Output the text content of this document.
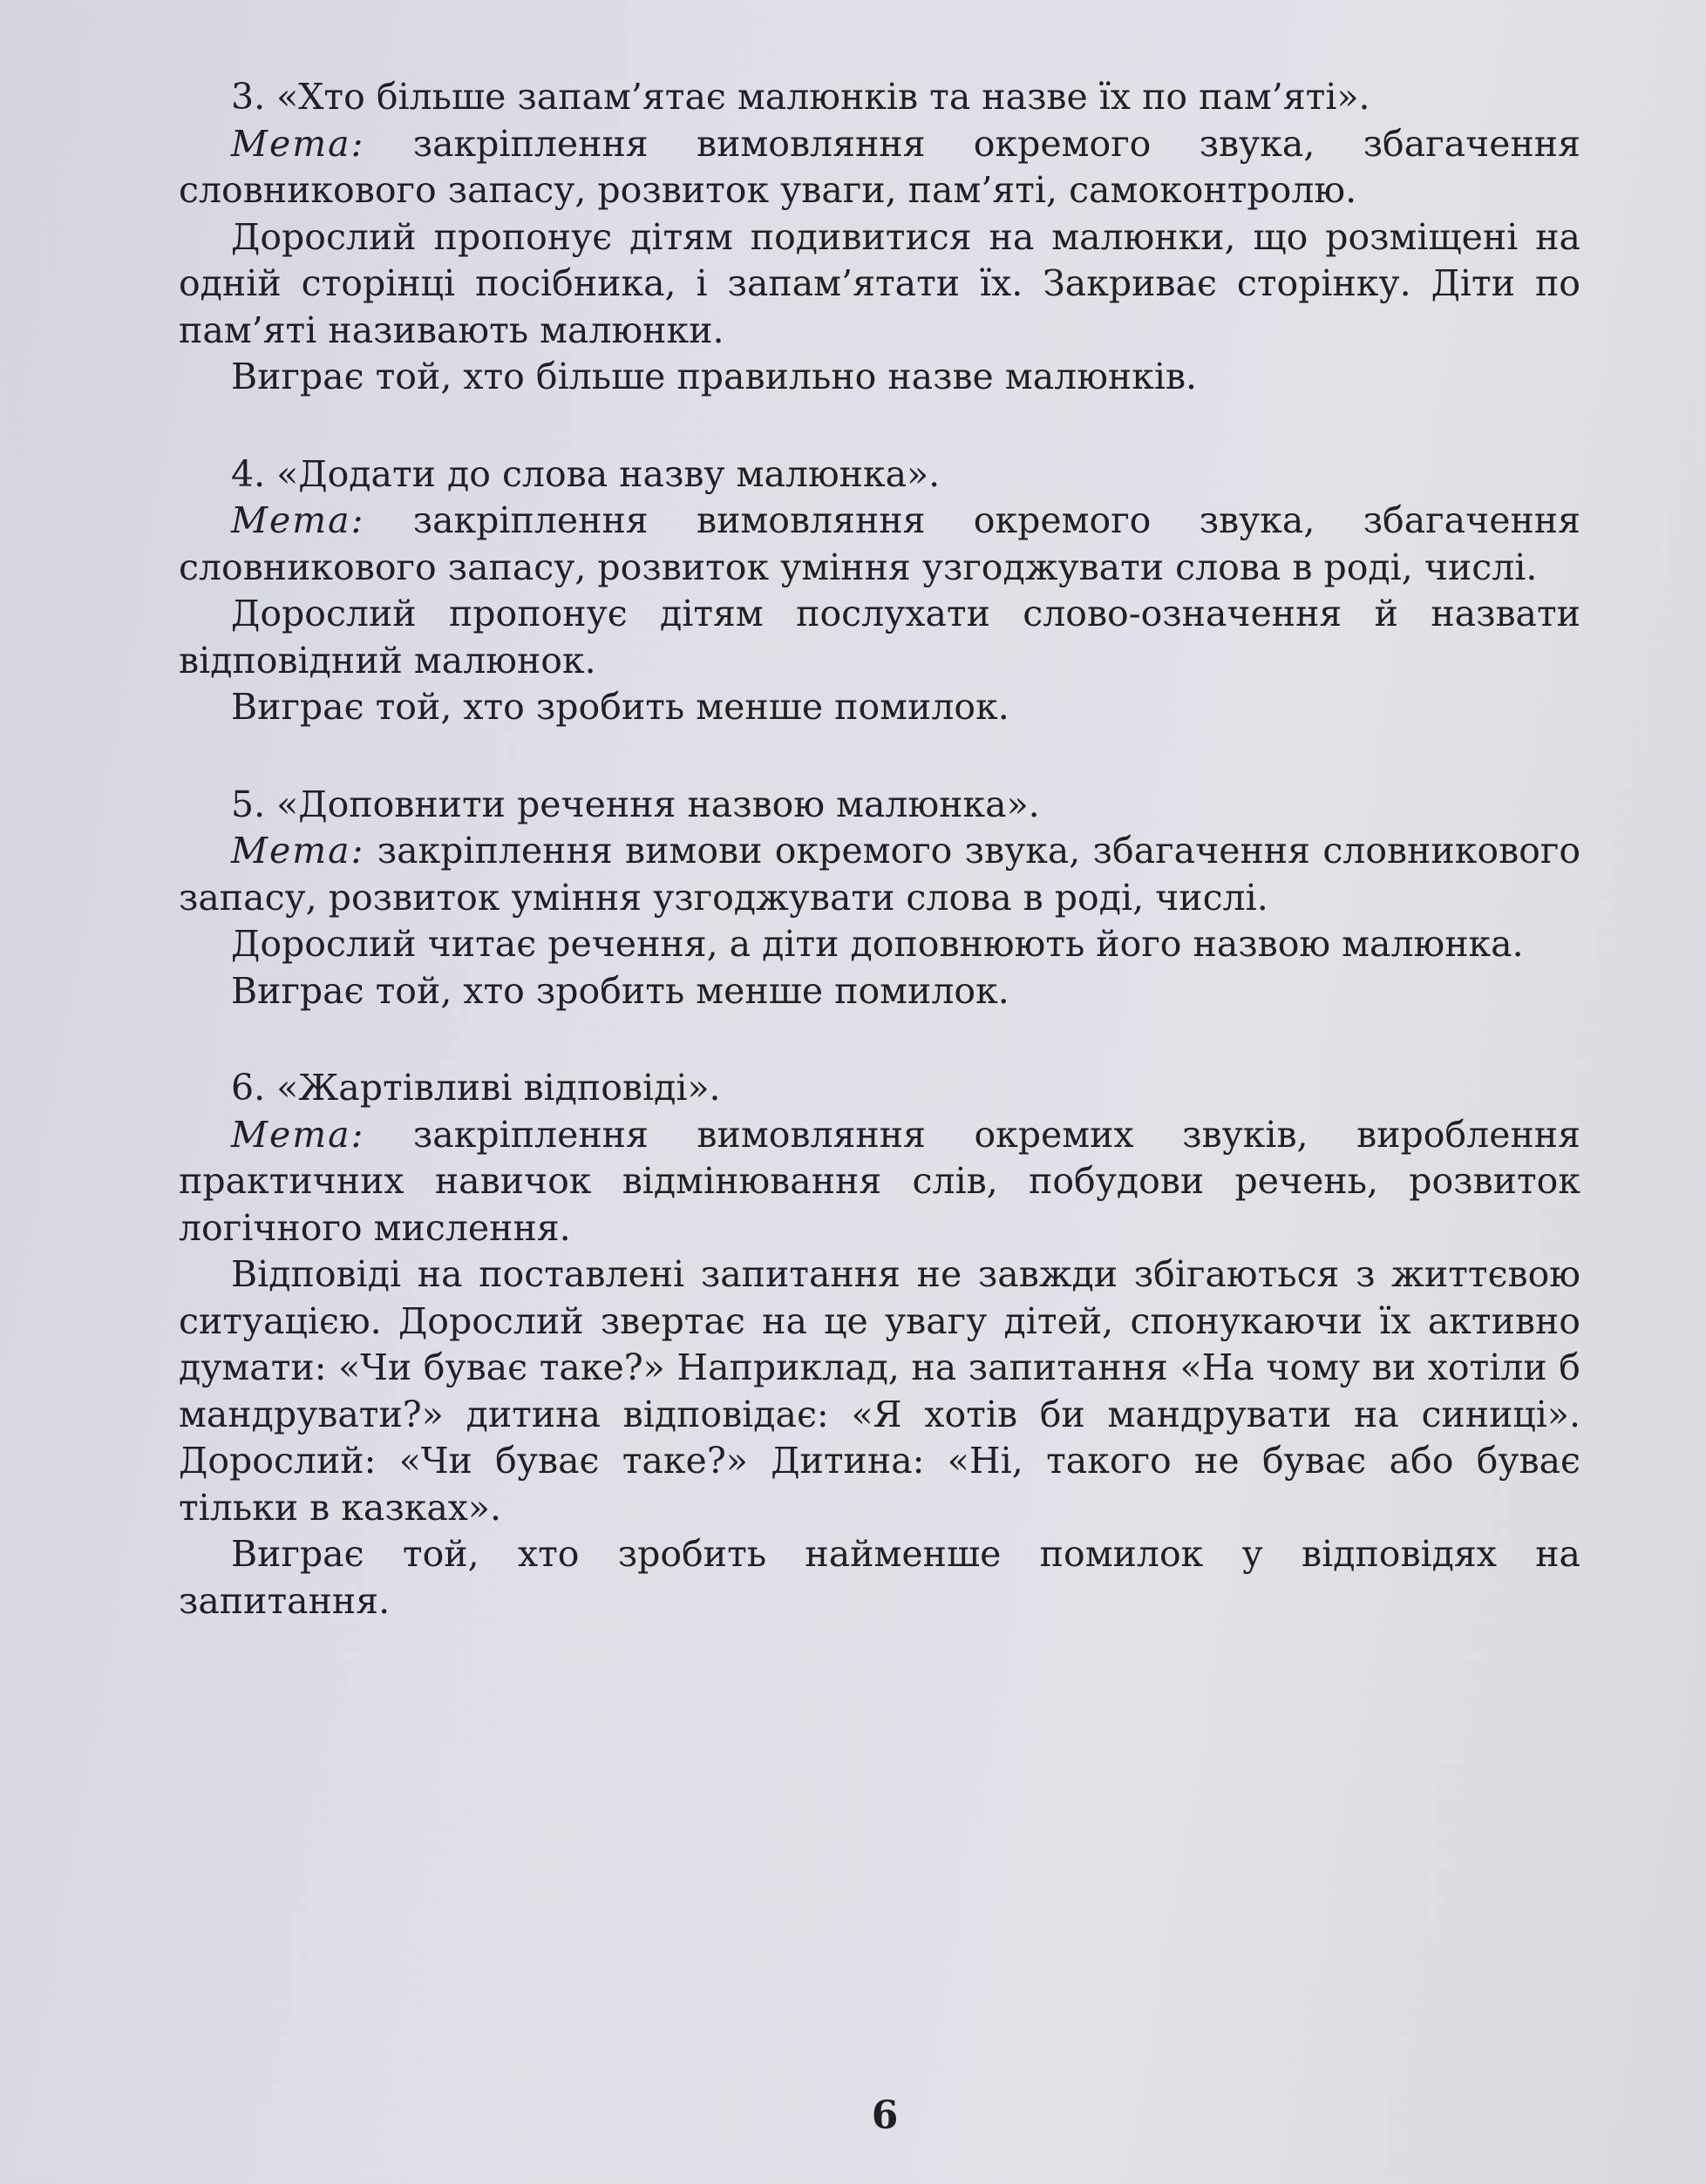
3. «Хто більше запам’ятає малюнків та назве їх по пам’яті».

Мета: закріплення вимовляння окремого звука, збагачення словникового запасу, розвиток уваги, пам’яті, самоконтролю.

Дорослий пропонує дітям подивитися на малюнки, що розміщені на одній сторінці посібника, і запам’ятати їх. Закриває сторінку. Діти по пам’яті називають малюнки.

Виграє той, хто більше правильно назве малюнків.

4. «Додати до слова назву малюнка».

Мета: закріплення вимовляння окремого звука, збагачення словникового запасу, розвиток уміння узгоджувати слова в роді, числі.

Дорослий пропонує дітям послухати слово-означення й назвати відповідний малюнок.

Виграє той, хто зробить менше помилок.

5. «Доповнити речення назвою малюнка».

Мета: закріплення вимови окремого звука, збагачення словникового запасу, розвиток уміння узгоджувати слова в роді, числі.

Дорослий читає речення, а діти доповнюють його назвою малюнка.

Виграє той, хто зробить менше помилок.

6. «Жартівливі відповіді».

Мета: закріплення вимовляння окремих звуків, вироблення практичних навичок відмінювання слів, побудови речень, розвиток логічного мислення.

Відповіді на поставлені запитання не завжди збігаються з життєвою ситуацією. Дорослий звертає на це увагу дітей, спонукаючи їх активно думати: «Чи буває таке?» Наприклад, на запитання «На чому ви хотіли б мандрувати?» дитина відповідає: «Я хотів би мандрувати на синиці». Дорослий: «Чи буває таке?» Дитина: «Ні, такого не буває або буває тільки в казках».

Виграє той, хто зробить найменше помилок у відповідях на запитання.

6
